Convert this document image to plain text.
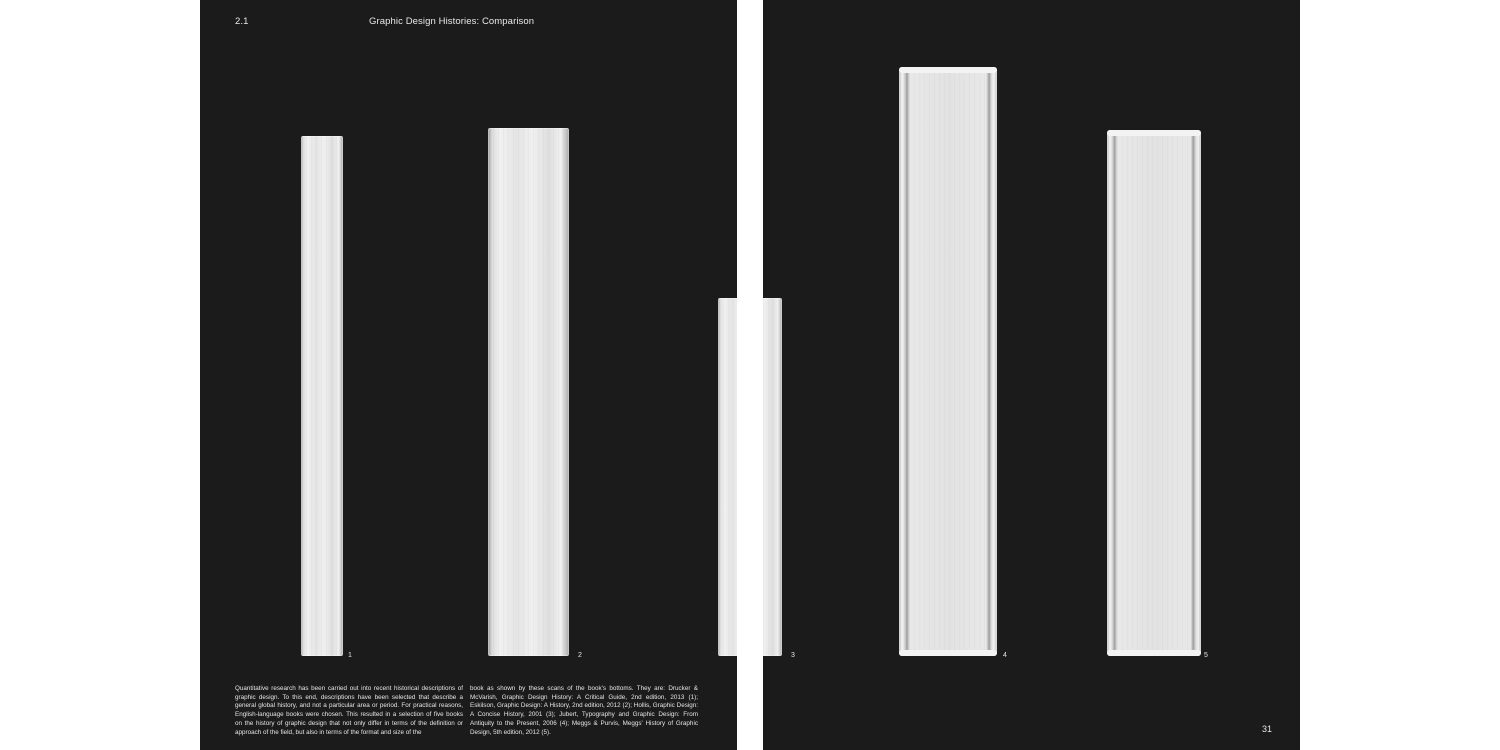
2.1	Graphic Design Histories: Comparison
1	2
Quantitative research has been carried out into recent historical descriptions of graphic design. To this end, descriptions have been selected that describe a general global history, and not a particular area or period. For practical reasons, English-language books were chosen. This resulted in a selection of five books on the history of graphic design that not only differ in terms of the definition or approach of the field, but also in terms of the format and size of the
book as shown by these scans of the book's bottoms. They are: Drucker & McVarish, Graphic Design History: A Critical Guide, 2nd edition, 2013 (1); Eskilson, Graphic Design: A History, 2nd edition, 2012 (2); Hollis, Graphic Design: A Concise History, 2001 (3); Jubert, Typography and Graphic Design: From Antiquity to the Present, 2006 (4); Meggs & Purvis, Meggs' History of Graphic Design, 5th edition, 2012 (5).
3	4	5
31
